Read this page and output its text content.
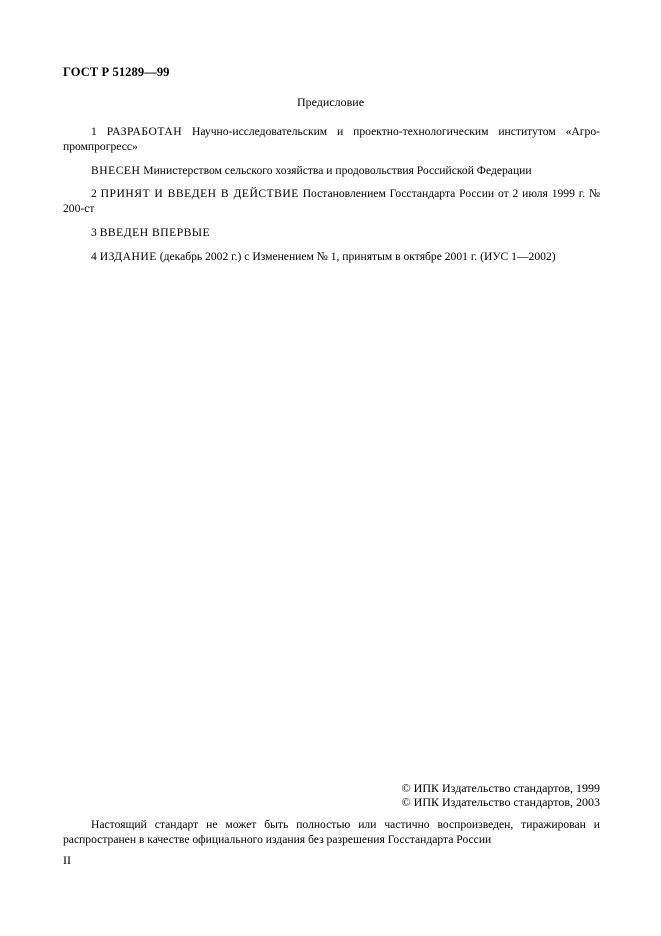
ГОСТ Р 51289—99
Предисловие
1 РАЗРАБОТАН Научно-исследовательским и проектно-технологическим институтом «Агро-промпрогресс»
ВНЕСЕН Министерством сельского хозяйства и продовольствия Российской Федерации
2 ПРИНЯТ И ВВЕДЕН В ДЕЙСТВИЕ Постановлением Госстандарта России от 2 июля 1999 г. № 200-ст
3 ВВЕДЕН ВПЕРВЫЕ
4 ИЗДАНИЕ (декабрь 2002 г.) с Изменением № 1, принятым в октябре 2001 г. (ИУС 1—2002)
© ИПК Издательство стандартов, 1999
© ИПК Издательство стандартов, 2003
Настоящий стандарт не может быть полностью или частично воспроизведен, тиражирован и распространен в качестве официального издания без разрешения Госстандарта России
II
